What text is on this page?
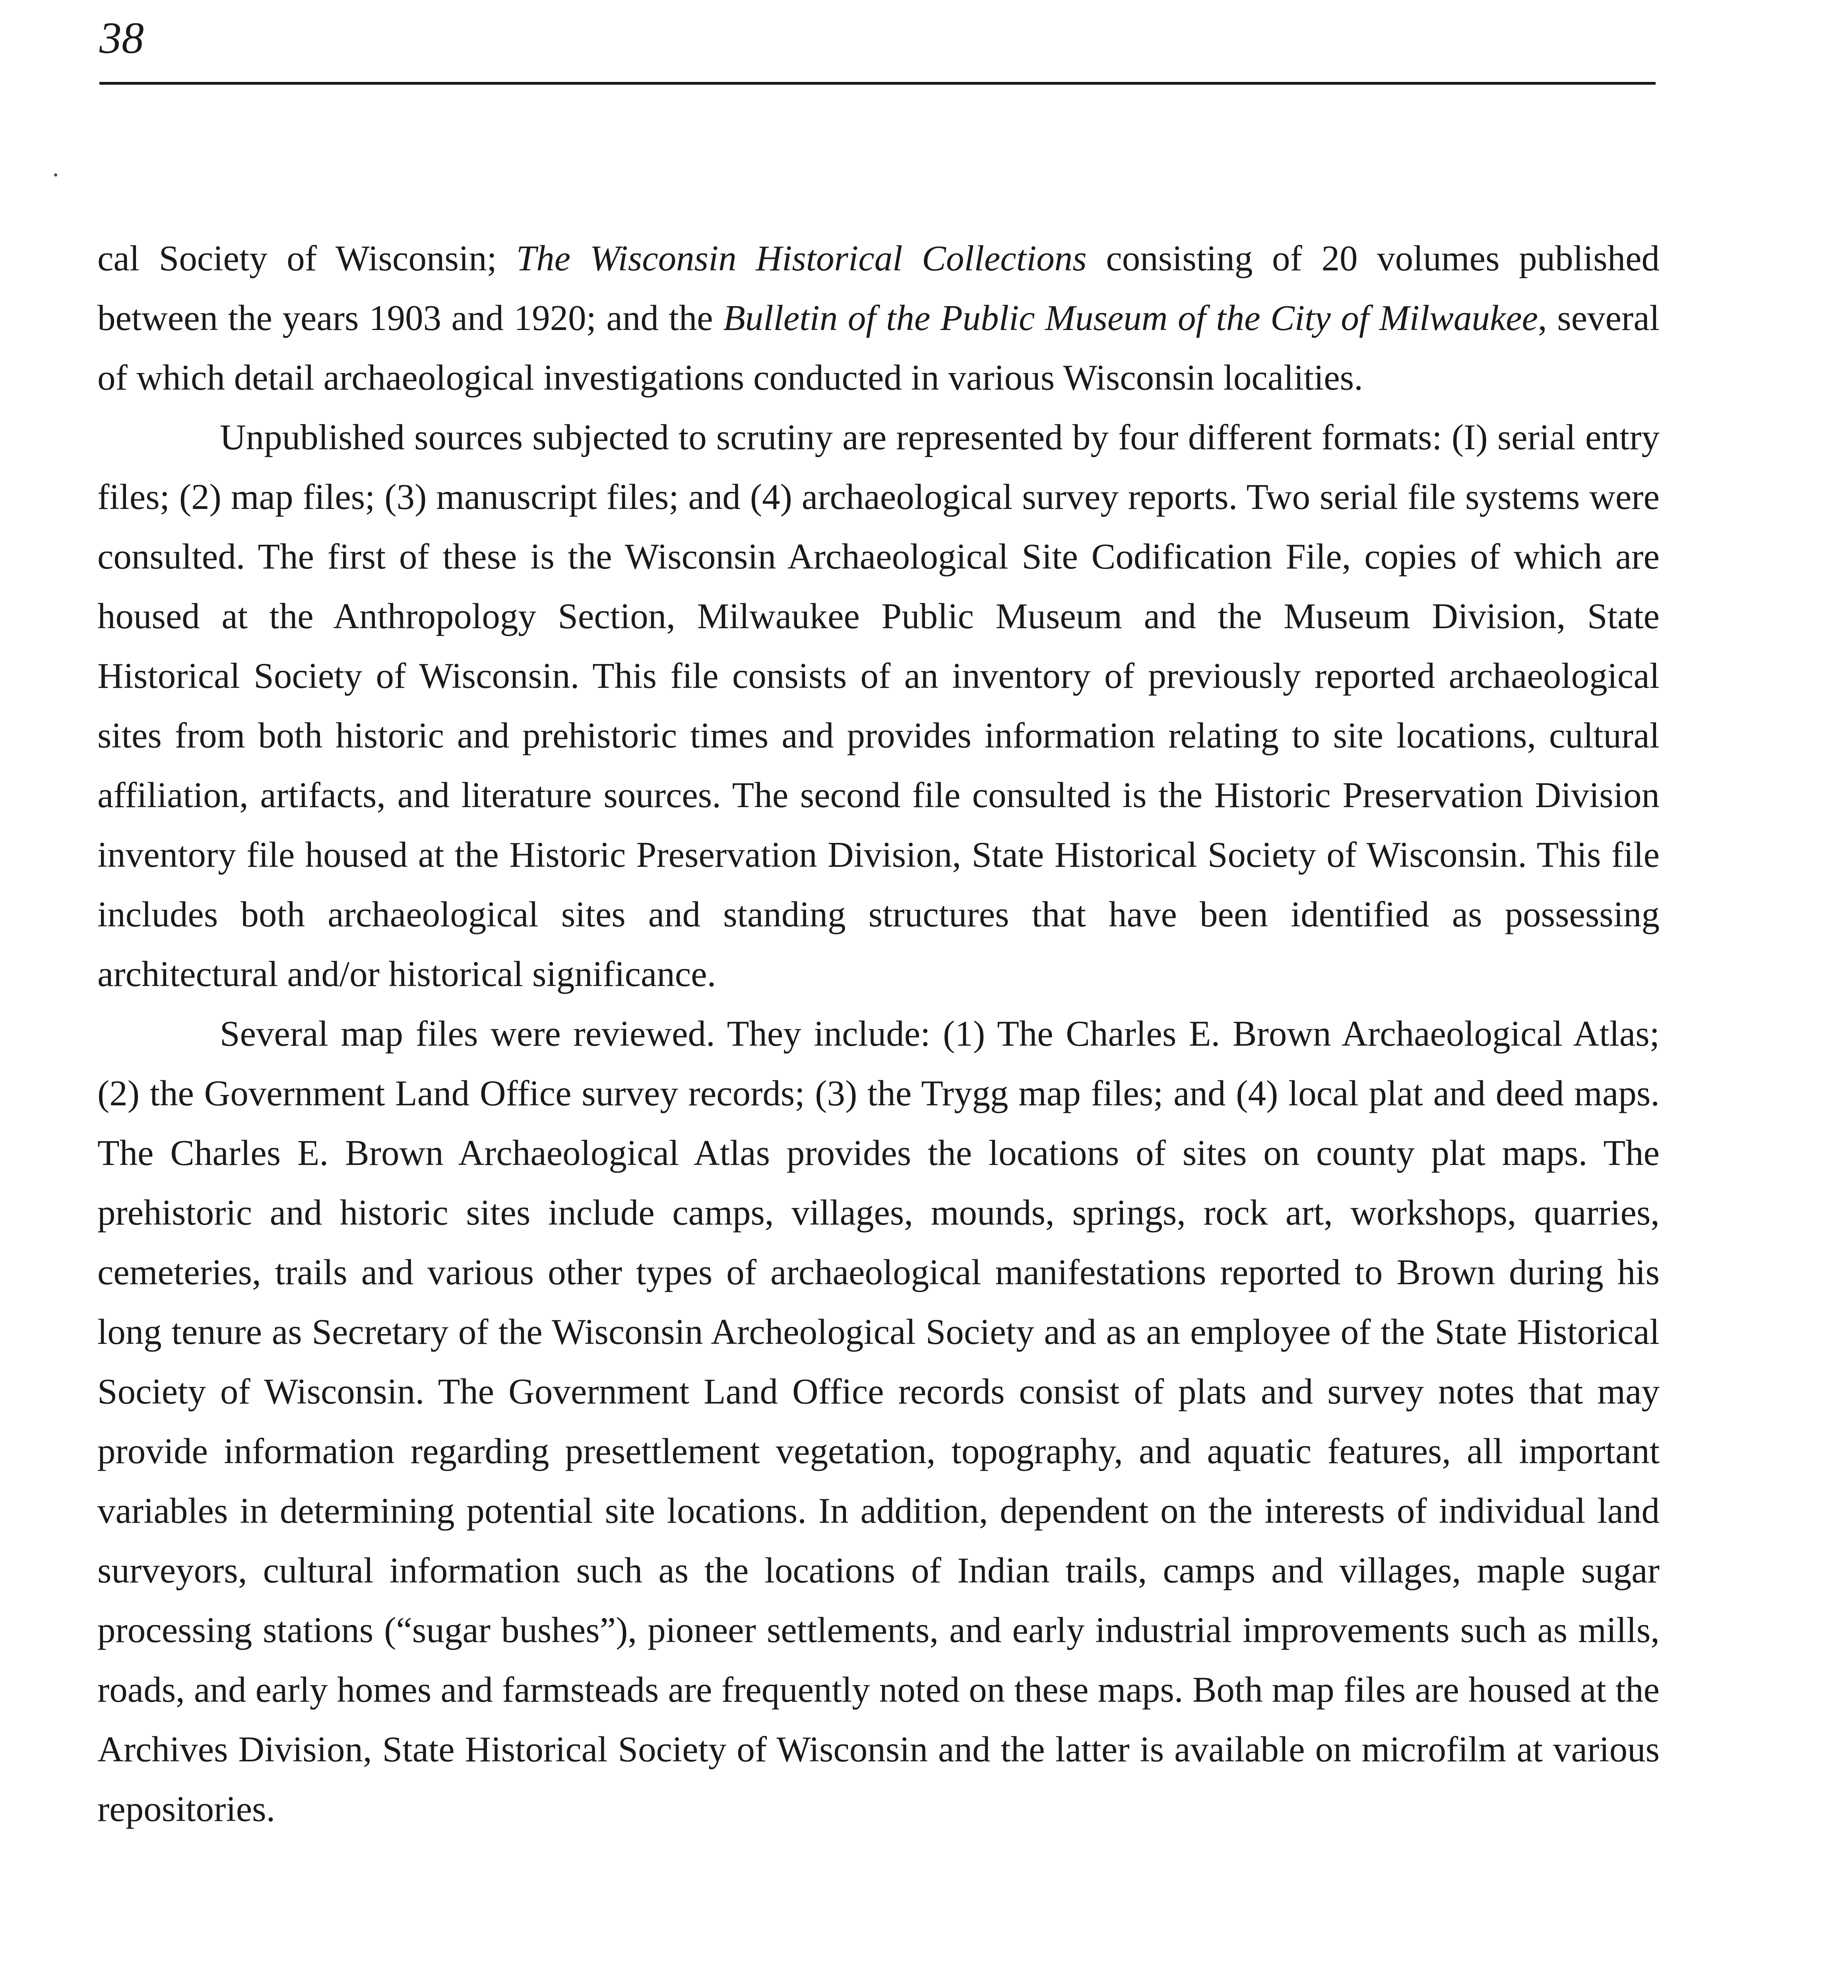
38

cal Society of Wisconsin; The Wisconsin Historical Collections consisting of 20 volumes published between the years 1903 and 1920; and the Bulletin of the Public Museum of the City of Milwaukee, several of which detail archaeological investigations conducted in various Wisconsin localities.

Unpublished sources subjected to scrutiny are represented by four different formats: (I) serial entry files; (2) map files; (3) manuscript files; and (4) archaeological survey reports. Two serial file systems were consulted. The first of these is the Wisconsin Archaeological Site Codification File, copies of which are housed at the Anthropology Section, Milwaukee Public Museum and the Museum Division, State Historical Society of Wisconsin. This file consists of an inventory of previously reported archaeological sites from both historic and prehistoric times and provides information relating to site locations, cultural affiliation, artifacts, and literature sources. The second file consulted is the Historic Preservation Division inventory file housed at the Historic Preservation Division, State Historical Society of Wisconsin. This file includes both archaeological sites and standing structures that have been identified as possessing architectural and/or historical significance.

Several map files were reviewed. They include: (1) The Charles E. Brown Archaeological Atlas; (2) the Government Land Office survey records; (3) the Trygg map files; and (4) local plat and deed maps. The Charles E. Brown Archaeological Atlas provides the locations of sites on county plat maps. The prehistoric and historic sites include camps, villages, mounds, springs, rock art, workshops, quarries, cemeteries, trails and various other types of archaeological manifestations reported to Brown during his long tenure as Secretary of the Wisconsin Archeological Society and as an employee of the State Historical Society of Wisconsin. The Government Land Office records consist of plats and survey notes that may provide information regarding presettlement vegetation, topography, and aquatic features, all important variables in determining potential site locations. In addition, dependent on the interests of individual land surveyors, cultural information such as the locations of Indian trails, camps and villages, maple sugar processing stations (“sugar bushes”), pioneer settlements, and early industrial improvements such as mills, roads, and early homes and farmsteads are frequently noted on these maps. Both map files are housed at the Archives Division, State Historical Society of Wisconsin and the latter is available on microfilm at various repositories.
